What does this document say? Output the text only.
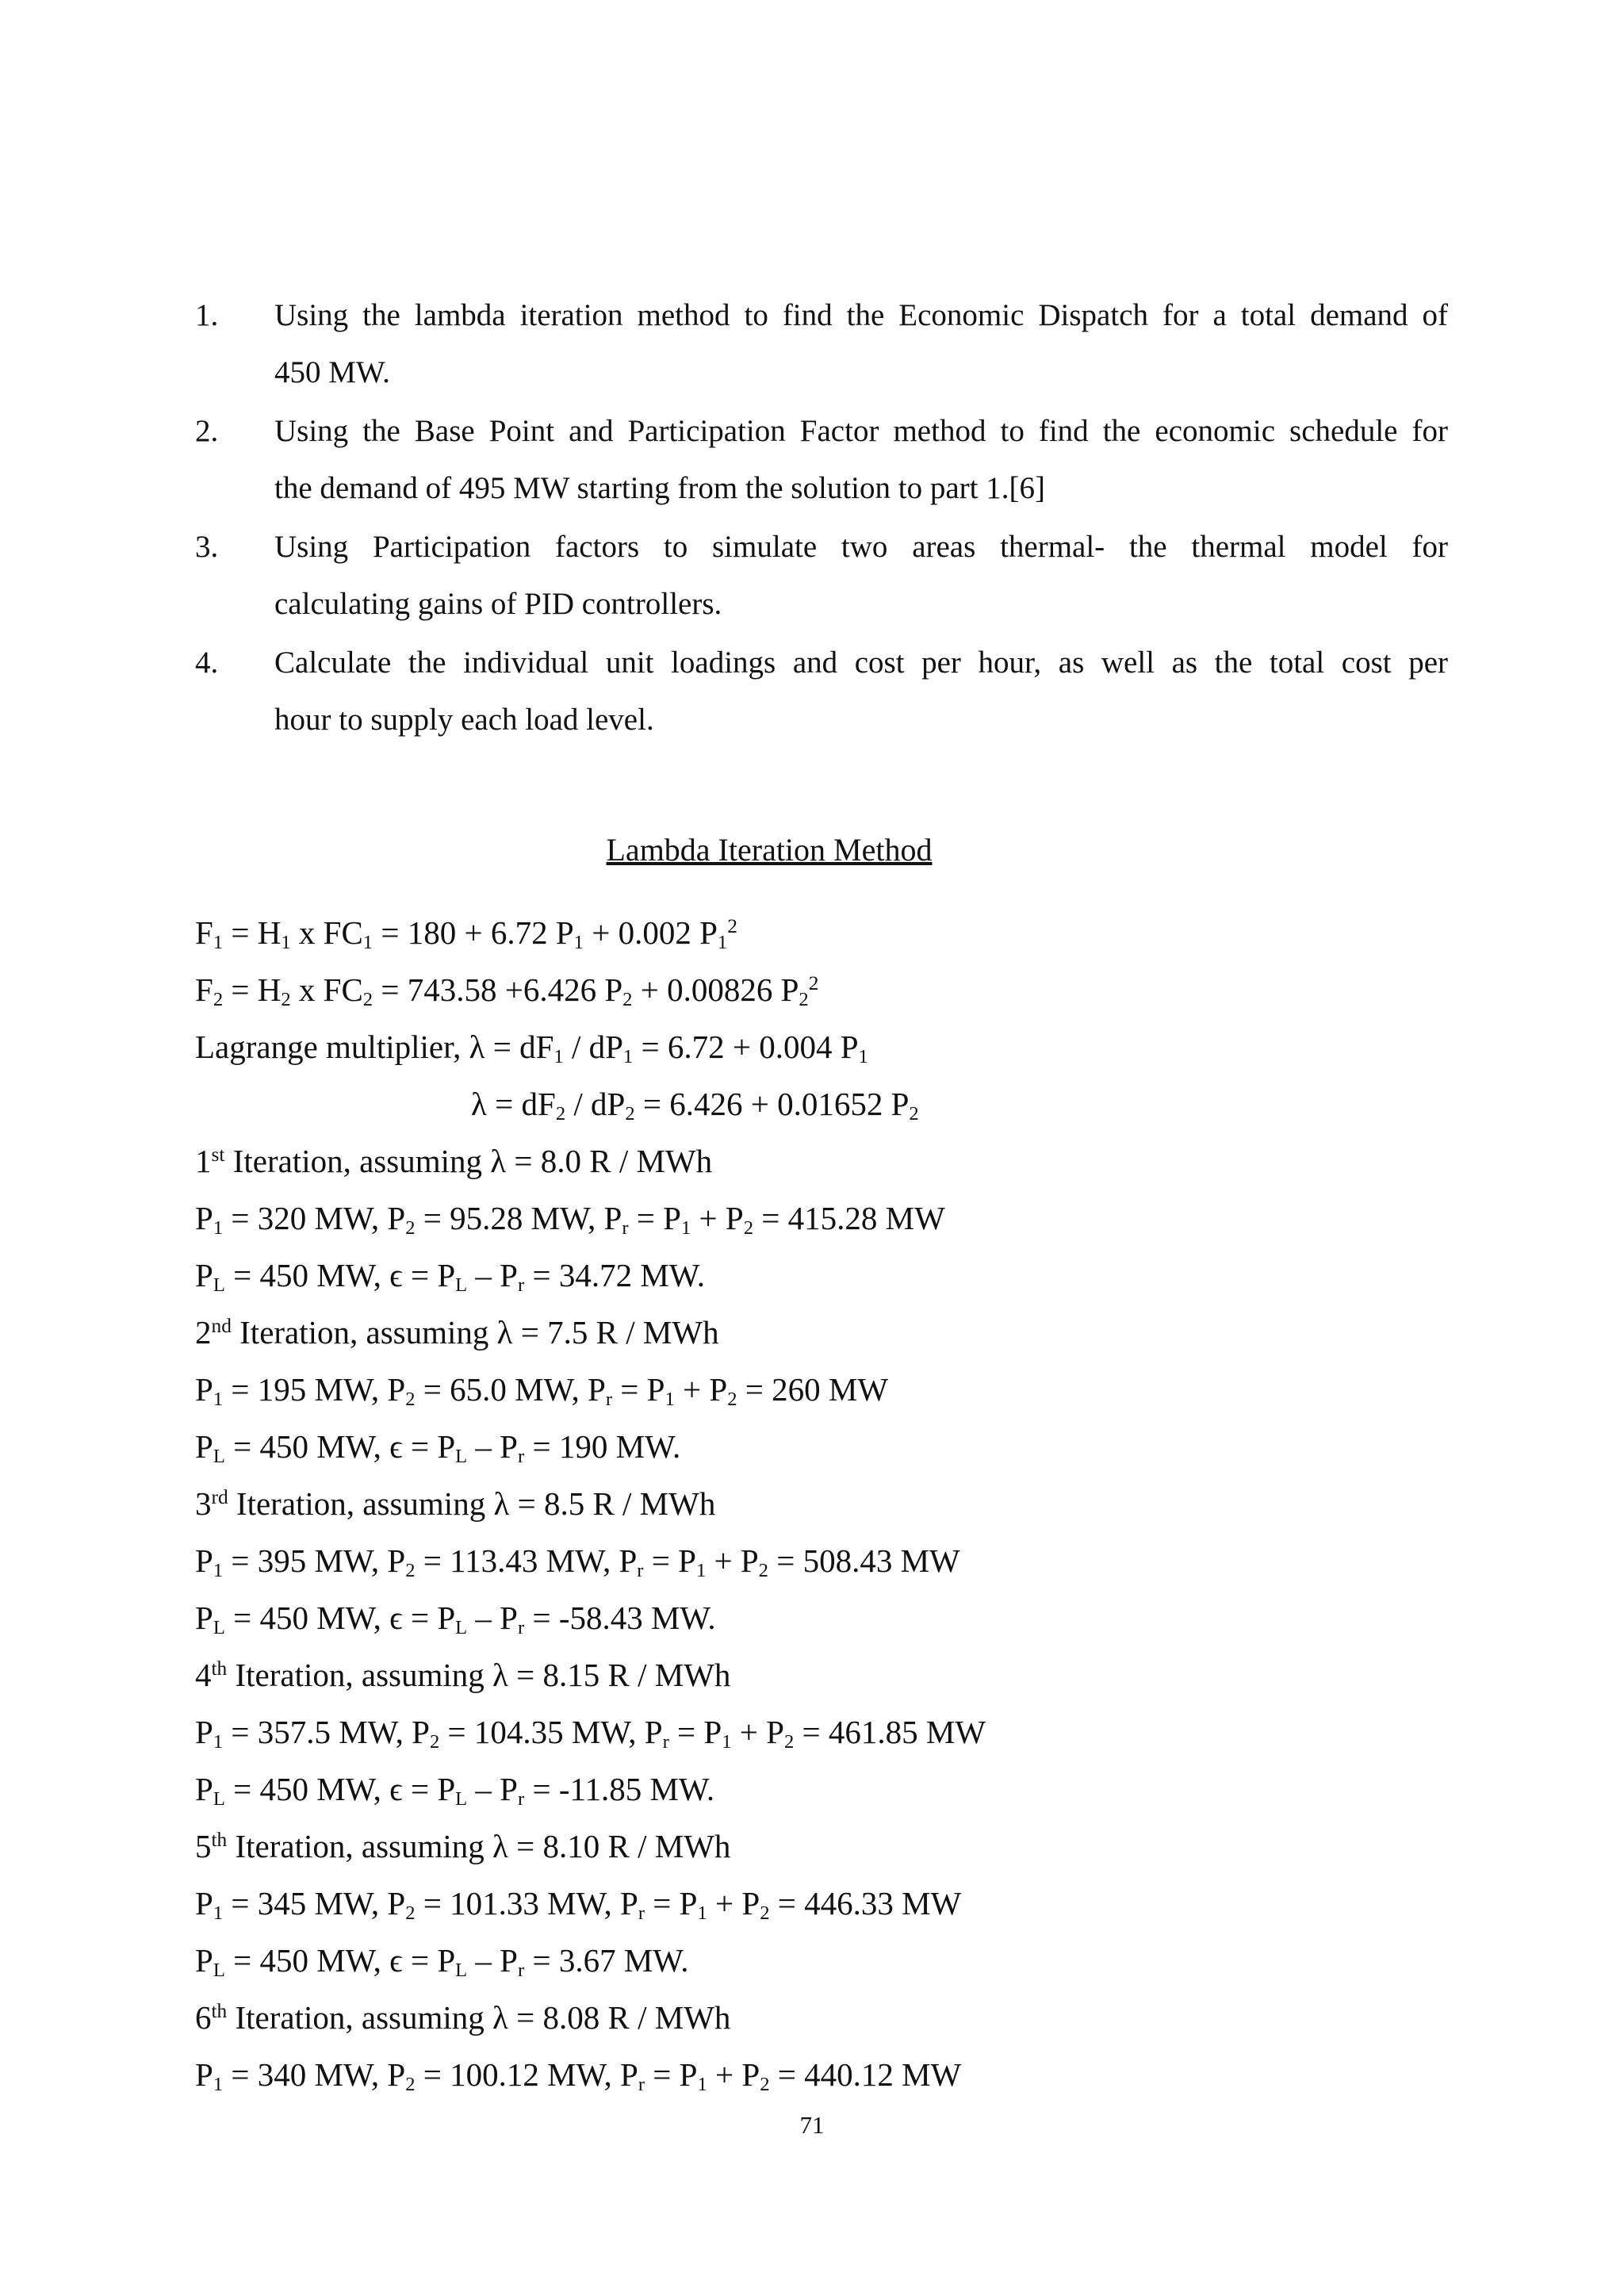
1. Using the lambda iteration method to find the Economic Dispatch for a total demand of
450 MW.
2. Using the Base Point and Participation Factor method to find the economic schedule for
the demand of 495 MW starting from the solution to part 1.[6]
3. Using Participation factors to simulate two areas thermal- the thermal model for
calculating gains of PID controllers.
4. Calculate the individual unit loadings and cost per hour, as well as the total cost per
hour to supply each load level.
Lambda Iteration Method
$F_1 = H_1$ x $FC_1 = 180 + 6.72$ $P_1 + 0.002$ $P_1^2$
$F_2 = H_2$ x $FC_2 = 743.58 +6.426$ $P_2 + 0.00826$ $P_2^2$
Lagrange multiplier, $\lambda = dF_1 / dP_1 = 6.72 + 0.004$ $P_1$
$\lambda = dF_2 / dP_2 = 6.426 + 0.01652$ $P_2$
1st Iteration, assuming λ = 8.0 R / MWh
$P_1 = 320$ MW, $P_2 = 95.28$ MW, $P_r = P_1 + P_2 = 415.28$ MW
$P_L = 450$ MW, $\epsilon = P_L - P_r = 34.72$ MW.
2nd Iteration, assuming λ = 7.5 R / MWh
$P_1 = 195$ MW, $P_2 = 65.0$ MW, $P_r = P_1 + P_2 = 260$ MW
$P_L = 450$ MW, $\epsilon = P_L - P_r = 190$ MW.
3rd Iteration, assuming λ = 8.5 R / MWh
$P_1 = 395$ MW, $P_2 = 113.43$ MW, $P_r = P_1 + P_2 = 508.43$ MW
$P_L = 450$ MW, $\epsilon = P_L - P_r = -58.43$ MW.
4th Iteration, assuming λ = 8.15 R / MWh
$P_1 = 357.5$ MW, $P_2 = 104.35$ MW, $P_r = P_1 + P_2 = 461.85$ MW
$P_L = 450$ MW, $\epsilon = P_L - P_r = -11.85$ MW.
5th Iteration, assuming λ = 8.10 R / MWh
$P_1 = 345$ MW, $P_2 = 101.33$ MW, $P_r = P_1 + P_2 = 446.33$ MW
$P_L = 450$ MW, $\epsilon = P_L - P_r = 3.67$ MW.
6th Iteration, assuming λ = 8.08 R / MWh
$P_1 = 340$ MW, $P_2 = 100.12$ MW, $P_r = P_1 + P_2 = 440.12$ MW
71
